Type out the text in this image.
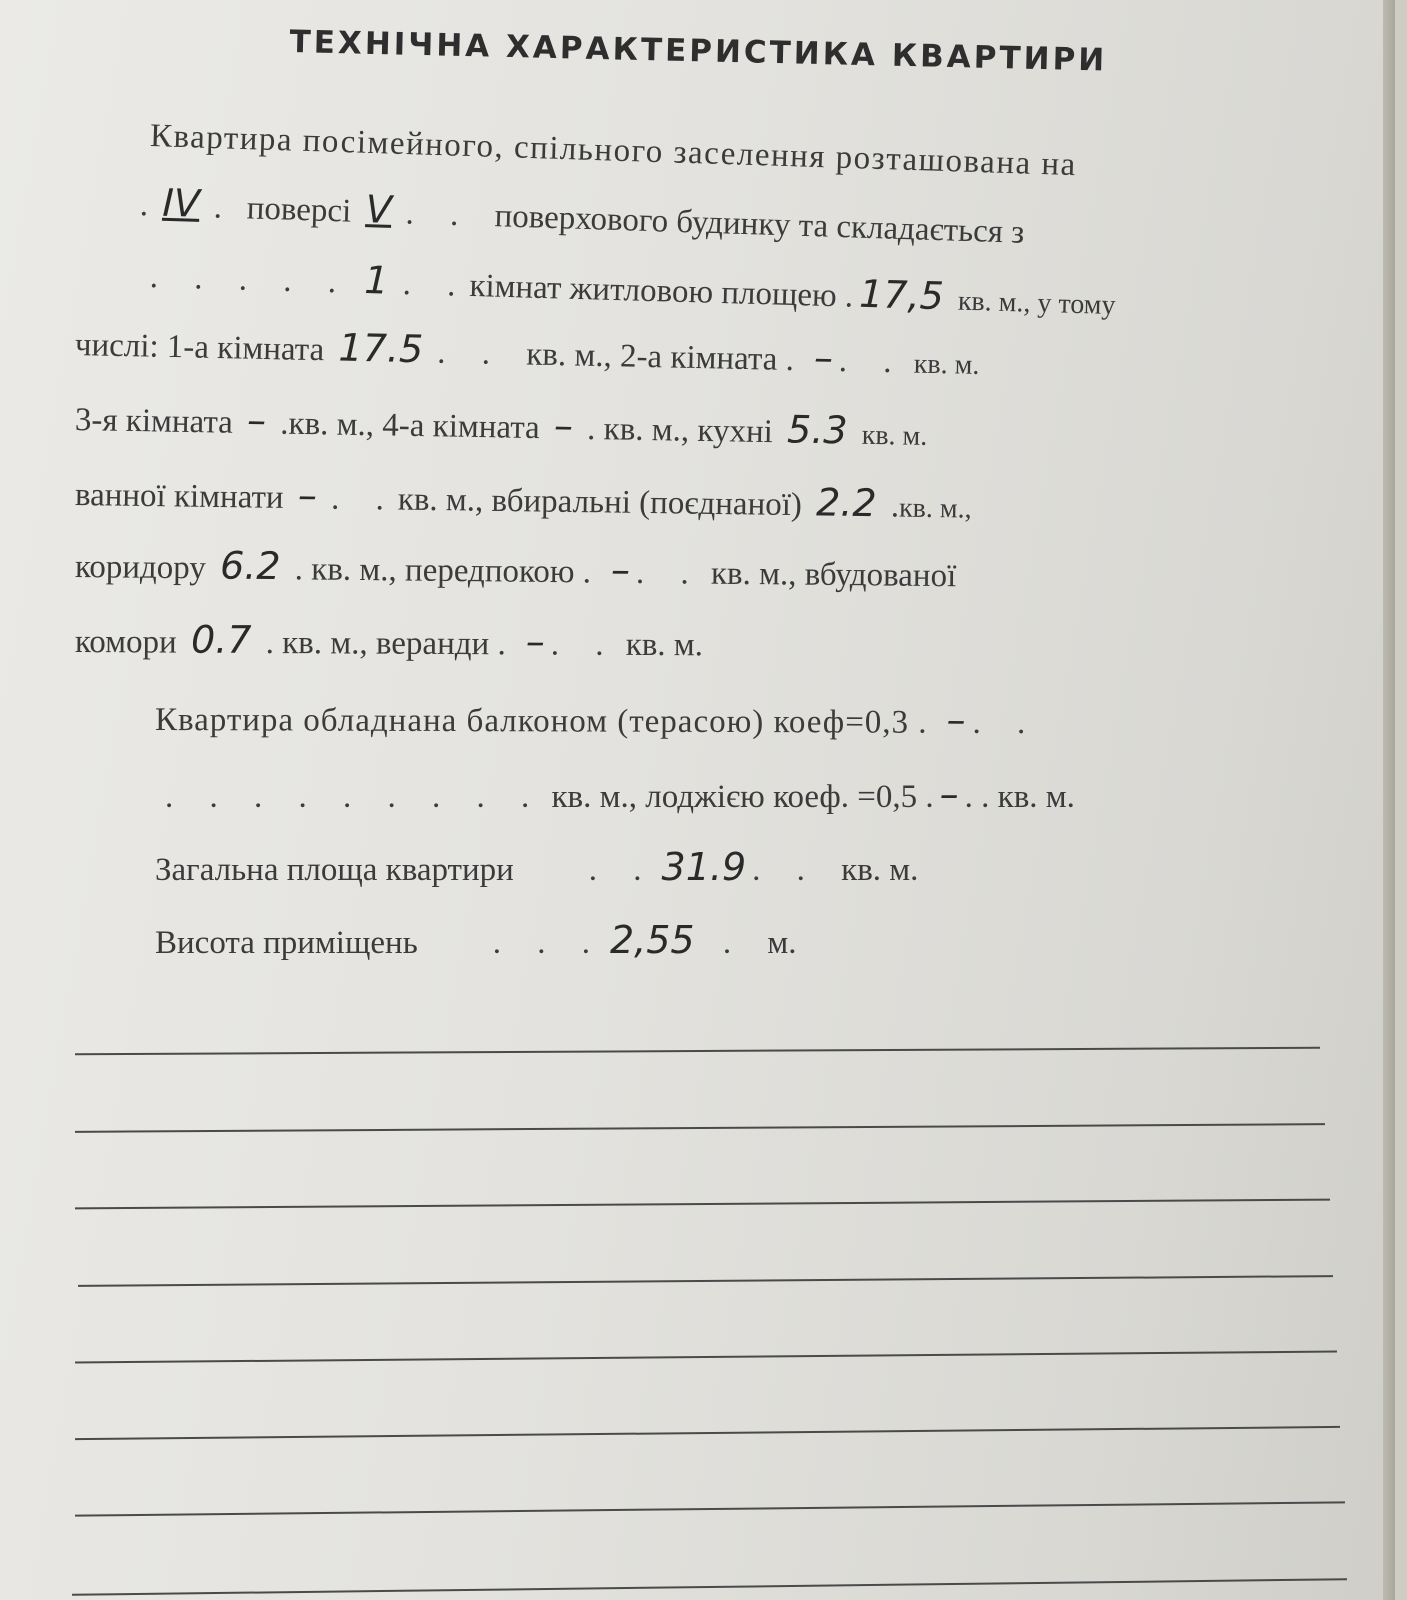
ТЕХНІЧНА ХАРАКТЕРИСТИКА КВАРТИРИ
Квартира посімейного, спільного заселення розташована на
. IV .   поверсі V . . поверхового будинку та складається з
. . . . . 1 . .кімнат житловою площею . 17,5 кв. м., у тому
числі: 1-а кімната 17.5 . . кв. м., 2-а кімната . – . . кв. м.
3-я кімната – .кв. м., 4-а кімната – . кв. м., кухні 5.3 кв. м.
ванної кімнати – . .кв. м., вбиральні (поєднаної) 2.2 .кв. м.,
коридору 6.2 . кв. м., передпокою . – . . кв. м., вбудованої
комори 0.7 . кв. м., веранди . – . . кв. м.
Квартира обладнана балконом (терасою) коеф=0,3 . – . .
. . . . . . . . . кв. м., лоджією коеф. =0,5 . – . . кв. м.
Загальна площа квартири    . . 31.9 . . кв. м.
Висота приміщень    . . . 2,55 . м.
